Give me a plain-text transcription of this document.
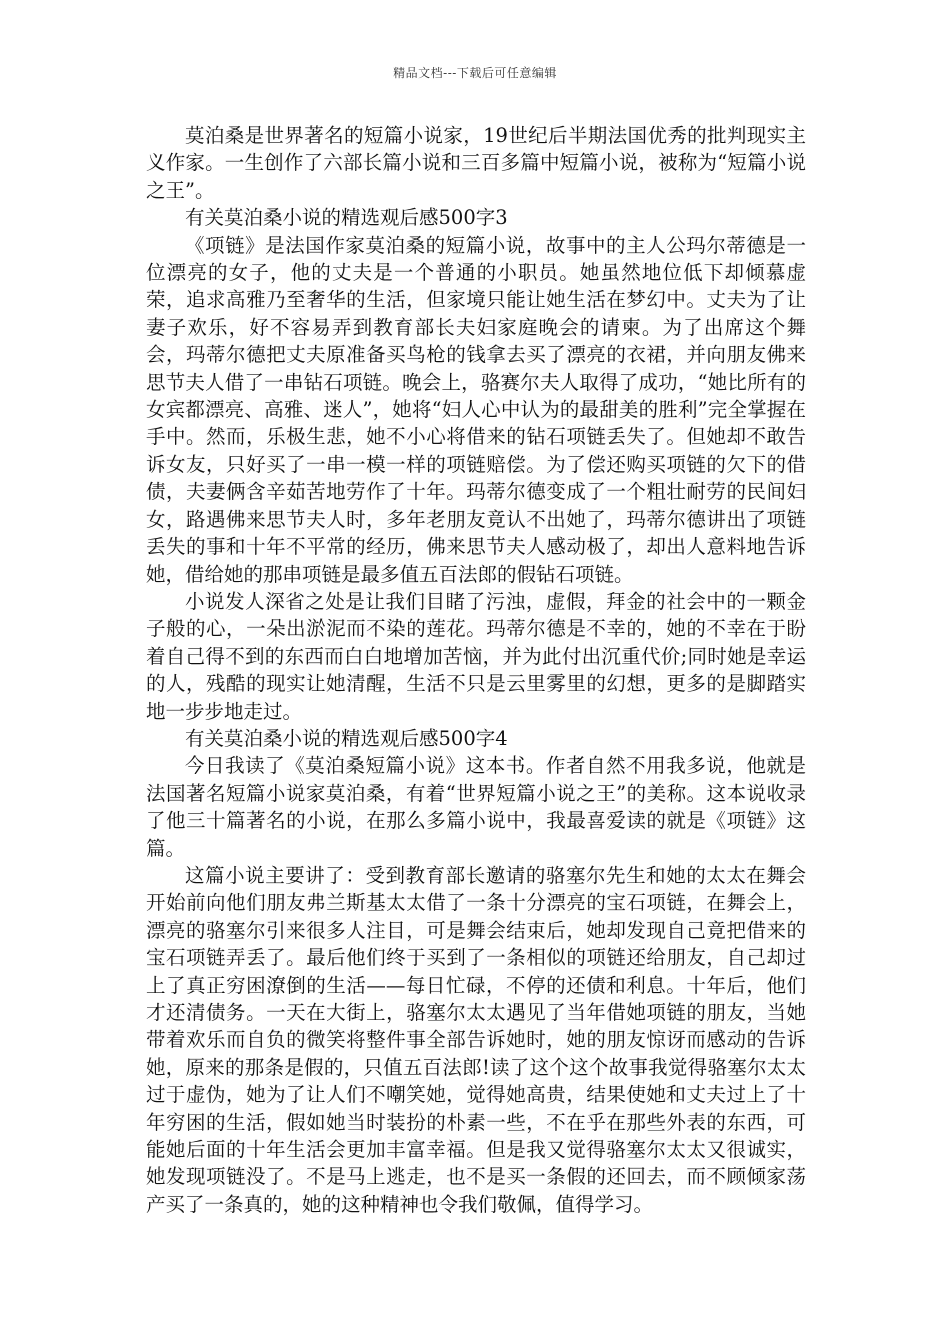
精品文档---下载后可任意编辑

莫泊桑是世界著名的短篇小说家，19世纪后半期法国优秀的批判现实主义作家。一生创作了六部长篇小说和三百多篇中短篇小说，被称为“短篇小说之王”。

有关莫泊桑小说的精选观后感500字3

《项链》是法国作家莫泊桑的短篇小说，故事中的主人公玛尔蒂德是一位漂亮的女子，他的丈夫是一个普通的小职员。她虽然地位低下却倾慕虚荣，追求高雅乃至奢华的生活，但家境只能让她生活在梦幻中。丈夫为了让妻子欢乐，好不容易弄到教育部长夫妇家庭晚会的请柬。为了出席这个舞会，玛蒂尔德把丈夫原准备买鸟枪的钱拿去买了漂亮的衣裙，并向朋友佛来思节夫人借了一串钻石项链。晚会上，骆赛尔夫人取得了成功，“她比所有的女宾都漂亮、高雅、迷人”，她将“妇人心中认为的最甜美的胜利”完全掌握在手中。然而，乐极生悲，她不小心将借来的钻石项链丢失了。但她却不敢告诉女友，只好买了一串一模一样的项链赔偿。为了偿还购买项链的欠下的借债，夫妻俩含辛茹苦地劳作了十年。玛蒂尔德变成了一个粗壮耐劳的民间妇女，路遇佛来思节夫人时，多年老朋友竟认不出她了，玛蒂尔德讲出了项链丢失的事和十年不平常的经历，佛来思节夫人感动极了，却出人意料地告诉她，借给她的那串项链是最多值五百法郎的假钻石项链。

小说发人深省之处是让我们目睹了污浊，虚假，拜金的社会中的一颗金子般的心，一朵出淤泥而不染的莲花。玛蒂尔德是不幸的，她的不幸在于盼着自己得不到的东西而白白地增加苦恼，并为此付出沉重代价;同时她是幸运的人，残酷的现实让她清醒，生活不只是云里雾里的幻想，更多的是脚踏实地一步步地走过。

有关莫泊桑小说的精选观后感500字4

今日我读了《莫泊桑短篇小说》这本书。作者自然不用我多说，他就是法国著名短篇小说家莫泊桑，有着“世界短篇小说之王”的美称。这本说收录了他三十篇著名的小说，在那么多篇小说中，我最喜爱读的就是《项链》这篇。

这篇小说主要讲了：受到教育部长邀请的骆塞尔先生和她的太太在舞会开始前向他们朋友弗兰斯基太太借了一条十分漂亮的宝石项链，在舞会上，漂亮的骆塞尔引来很多人注目，可是舞会结束后，她却发现自己竟把借来的宝石项链弄丢了。最后他们终于买到了一条相似的项链还给朋友，自己却过上了真正穷困潦倒的生活——每日忙碌，不停的还债和利息。十年后，他们才还清债务。一天在大街上，骆塞尔太太遇见了当年借她项链的朋友，当她带着欢乐而自负的微笑将整件事全部告诉她时，她的朋友惊讶而感动的告诉她，原来的那条是假的，只值五百法郎!读了这个这个故事我觉得骆塞尔太太过于虚伪，她为了让人们不嘲笑她，觉得她高贵，结果使她和丈夫过上了十年穷困的生活，假如她当时装扮的朴素一些，不在乎在那些外表的东西，可能她后面的十年生活会更加丰富幸福。但是我又觉得骆塞尔太太又很诚实，她发现项链没了。不是马上逃走，也不是买一条假的还回去，而不顾倾家荡产买了一条真的，她的这种精神也令我们敬佩，值得学习。
